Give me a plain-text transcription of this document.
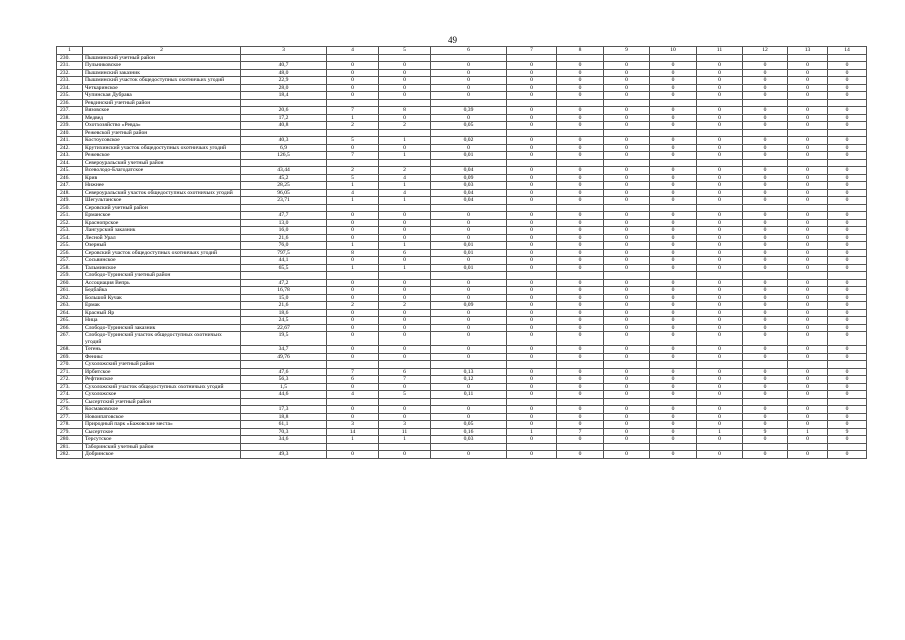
49
1	2	3	4	5	6	7	8	9	10	11	12	13	14
230.	Пышминский учетный район												
231.	Пульниковское	40,7	0	0	0	0	0	0	0	0	0	0	0
232.	Пышминский заказник	48,0	0	0	0	0	0	0	0	0	0	0	0
233.	Пышминский участок общедоступных охотничьих угодий	22,9	0	0	0	0	0	0	0	0	0	0	0
234.	Четкаринское	28,0	0	0	0	0	0	0	0	0	0	0	0
235.	Чупинская Дубрава	18,4	0	0	0	0	0	0	0	0	0	0	0
236.	Ревдинский учетный район												
237.	Вязовское	20,6	7	8	0,39	0	0	0	0	0	0	0	0
238.	Медвед	17,2	1	0	0	0	0	0	0	0	0	0	0
239.	Охотхозяйство «Ревда»	40,8	2	2	0,05	0	0	0	0	0	0	0	0
240.	Режевской учетный район												
241.	Костоусовское	40,3	5	1	0,02	0	0	0	0	0	0	0	0
242.	Крутихинский участок общедоступных охотничьих угодий	6,9	0	0	0	0	0	0	0	0	0	0	0
243.	Режевское	126,5	7	1	0,01	0	0	0	0	0	0	0	0
244.	Североуральский учетный район												
245.	Всеволодо-Благодатское	43,44	2	2	0,04	0	0	0	0	0	0	0	0
246.	Крив	45,2	5	4	0,09	0	0	0	0	0	0	0	0
247.	Нижнее	28,25	1	1	0,03	0	0	0	0	0	0	0	0
248.	Североуральский участок общедоступных охотничьих угодий	96,05	4	4	0,04	0	0	0	0	0	0	0	0
249.	Шегультанское	23,71	1	1	0,04	0	0	0	0	0	0	0	0
250.	Серовский учетный район												
251.	Ерманское	47,7	0	0	0	0	0	0	0	0	0	0	0
252.	Краснопрское	13,0	0	0	0	0	0	0	0	0	0	0	0
253.	Лангурский заказник	16,0	0	0	0	0	0	0	0	0	0	0	0
254.	Лесной Урал	21,6	0	0	0	0	0	0	0	0	0	0	0
255.	Озерный	76,0	1	1	0,01	0	0	0	0	0	0	0	0
256.	Серовский участок общедоступных охотничьих угодий	797,5	8	6	0,01	0	0	0	0	0	0	0	0
257.	Сосьвинское	44,1	0	0	0	0	0	0	0	0	0	0	0
258.	Тальминское	65,5	1	1	0,01	0	0	0	0	0	0	0	0
259.	Слободо-Туринский учетный район												
260.	Ассоциация Вепрь	47,2	0	0	0	0	0	0	0	0	0	0	0
261.	Бедбайка	16,78	0	0	0	0	0	0	0	0	0	0	0
262.	Большой Кучак	15,0	0	0	0	0	0	0	0	0	0	0	0
263.	Ермак	21,6	2	2	0,09	0	0	0	0	0	0	0	0
264.	Красный Яр	18,6	0	0	0	0	0	0	0	0	0	0	0
265.	Ница	24,5	0	0	0	0	0	0	0	0	0	0	0
266.	Слободо-Туринский заказник	22,67	0	0	0	0	0	0	0	0	0	0	0
267.	Слободо-Туринский участок общедоступных охотничьих угодий	19,5	0	0	0	0	0	0	0	0	0	0	0
268.	Тегень	34,7	0	0	0	0	0	0	0	0	0	0	0
269.	Феникс	49,76	0	0	0	0	0	0	0	0	0	0	0
270.	Сухоложский учетный район												
271.	Ирбитское	47,6	7	6	0,13	0	0	0	0	0	0	0	0
272.	Рефтинское	56,3	6	7	0,12	0	0	0	0	0	0	0	0
273.	Сухоложский участок общедоступных охотничьих угодий	1,5	0	0	0	0	0	0	0	0	0	0	0
274.	Сухоложское	44,6	4	5	0,11	0	0	0	0	0	0	0	0
275.	Сысертский учетный район												
276.	Космаковское	17,3	0	0	0	0	0	0	0	0	0	0	0
277.	Новоипатовское	18,8	0	0	0	0	0	0	0	0	0	0	0
278.	Природный парк «Бажовские места»	61,1	3	3	0,05	0	0	0	0	0	0	0	0
279.	Сысертское	70,3	14	11	0,16	1	7	0	0	1	9	1	9
280.	Терсутское	34,6	1	1	0,03	0	0	0	0	0	0	0	0
281.	Таборинский учетный район												
282.	Добринское	49,3	0	0	0	0	0	0	0	0	0	0	0
